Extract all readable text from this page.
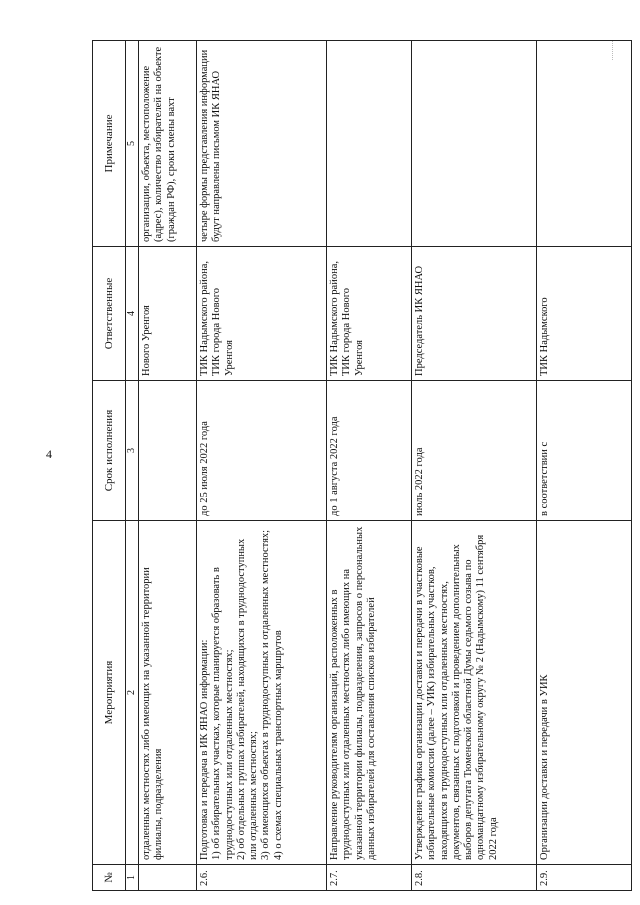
4
№	Мероприятия	Срок исполнения	Ответственные	Примечание
1	2	3	4	5

	отдаленных местностях либо имеющих на указанной территории филиалы, подразделения		Нового Уренгоя	организации, объекта, местоположение (адрес), количество избирателей на объекте (граждан РФ), сроки смены вахт
2.6.	Подготовка и передача в ИК ЯНАО информации: 1) об избирательных участках, которые планируется образовать в труднодоступных или отдаленных местностях; 2) об отдельных группах избирателей, находящихся в труднодоступных или отдаленных местностях; 3) об имеющихся объектах в труднодоступных и отдаленных местностях; 4) о схемах специальных транспортных маршрутов	до 25 июля 2022 года	ТИК Надымского района, ТИК города Нового Уренгоя	четыре формы представления информации будут направлены письмом ИК ЯНАО
2.7.	Направление руководителям организаций, расположенных в труднодоступных или отдаленных местностях либо имеющих на указанной территории филиалы, подразделения, запросов о персональных данных избирателей для составления списков избирателей	до 1 августа 2022 года	ТИК Надымского района, ТИК города Нового Уренгоя	
2.8.	Утверждение графика организации доставки и передачи в участковые избирательные комиссии (далее – УИК) избирательных участков, находящихся в труднодоступных или отдаленных местностях, документов, связанных с подготовкой и проведением дополнительных выборов депутата Тюменской областной Думы седьмого созыва по одномандатному избирательному округу № 2 (Надымскому) 11 сентября 2022 года	июль 2022 года	Председатель ИК ЯНАО	
2.9.	Организации доставки и передачи в УИК	в соответствии с	ТИК Надымского	
